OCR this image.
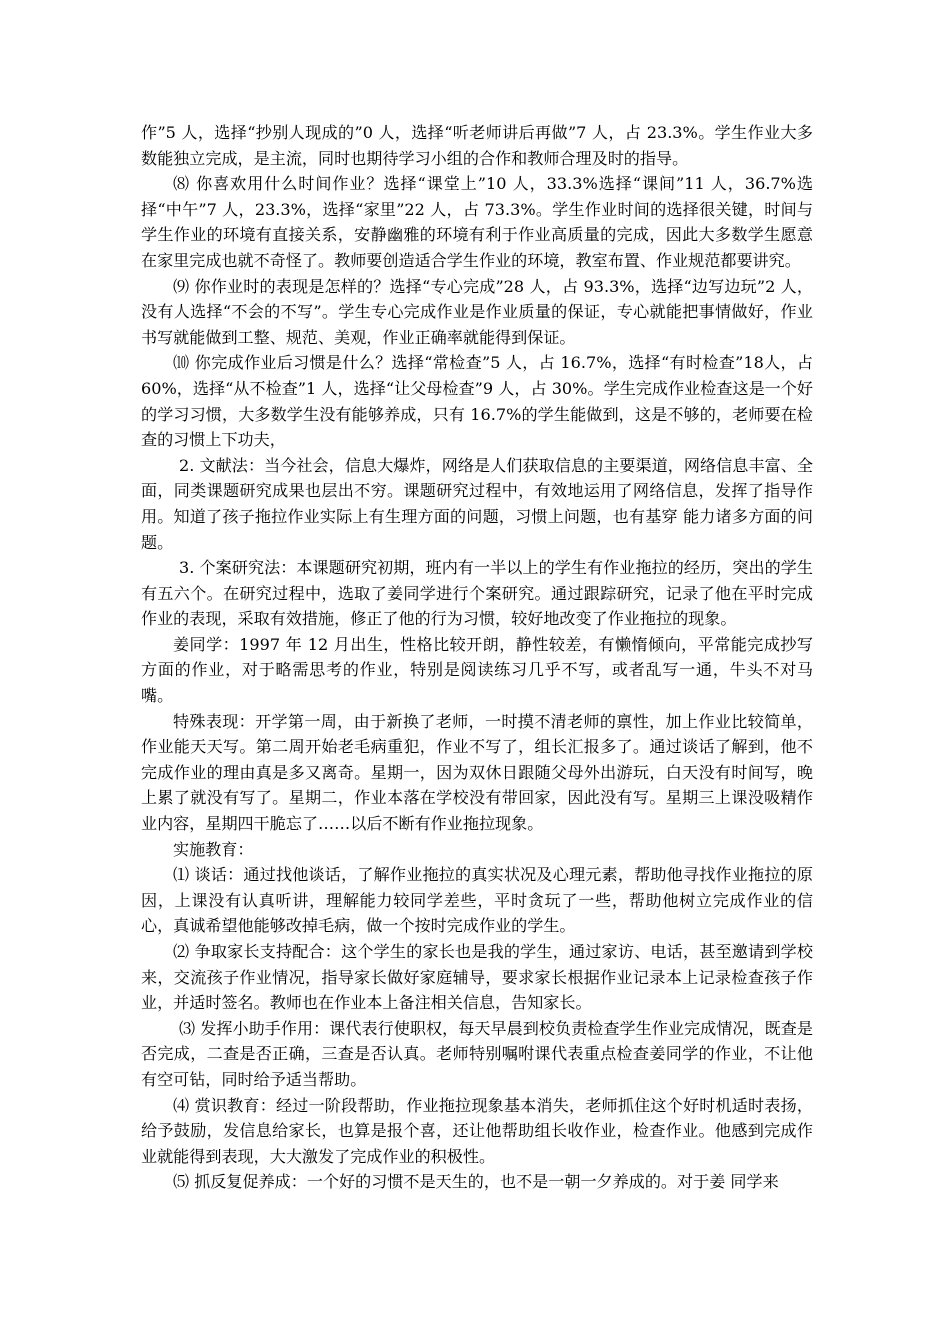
作”5 人，选择“抄别人现成的”0 人，选择“听老师讲后再做”7 人，占 23.3%。学生作业大多数能独立完成，是主流，同时也期待学习小组的合作和教师合理及时的指导。

⑻ 你喜欢用什么时间作业？选择“课堂上”10 人，33.3%选择“课间”11 人，36.7%选择“中午”7 人，23.3%，选择“家里”22 人，占 73.3%。学生作业时间的选择很关键，时间与学生作业的环境有直接关系，安静幽雅的环境有利于作业高质量的完成，因此大多数学生愿意在家里完成也就不奇怪了。教师要创造适合学生作业的环境，教室布置、作业规范都要讲究。

⑼ 你作业时的表现是怎样的？选择“专心完成”28 人，占 93.3%，选择“边写边玩”2 人，没有人选择“不会的不写”。学生专心完成作业是作业质量的保证，专心就能把事情做好，作业书写就能做到工整、规范、美观，作业正确率就能得到保证。

⑽ 你完成作业后习惯是什么？选择“常检查”5 人，占 16.7%，选择“有时检查”18人，占 60%，选择“从不检查”1 人，选择“让父母检查”9 人，占 30%。学生完成作业检查这是一个好的学习习惯，大多数学生没有能够养成，只有 16.7%的学生能做到，这是不够的，老师要在检查的习惯上下功夫，

2. 文献法：当今社会，信息大爆炸，网络是人们获取信息的主要渠道，网络信息丰富、全面，同类课题研究成果也层出不穷。课题研究过程中，有效地运用了网络信息，发挥了指导作用。知道了孩子拖拉作业实际上有生理方面的问题，习惯上问题，也有基穿 能力诸多方面的问题。

3. 个案研究法：本课题研究初期，班内有一半以上的学生有作业拖拉的经历，突出的学生有五六个。在研究过程中，选取了姜同学进行个案研究。通过跟踪研究，记录了他在平时完成作业的表现，采取有效措施，修正了他的行为习惯，较好地改变了作业拖拉的现象。

姜同学：1997 年 12 月出生，性格比较开朗，静性较差，有懒惰倾向，平常能完成抄写方面的作业，对于略需思考的作业，特别是阅读练习几乎不写，或者乱写一通，牛头不对马嘴。

特殊表现：开学第一周，由于新换了老师，一时摸不清老师的禀性，加上作业比较简单，作业能天天写。第二周开始老毛病重犯，作业不写了，组长汇报多了。通过谈话了解到，他不完成作业的理由真是多又离奇。星期一，因为双休日跟随父母外出游玩，白天没有时间写，晚上累了就没有写了。星期二，作业本落在学校没有带回家，因此没有写。星期三上课没吸精作业内容，星期四干脆忘了……以后不断有作业拖拉现象。

实施教育：

⑴ 谈话：通过找他谈话，了解作业拖拉的真实状况及心理元素，帮助他寻找作业拖拉的原因，上课没有认真听讲，理解能力较同学差些，平时贪玩了一些，帮助他树立完成作业的信心，真诚希望他能够改掉毛病，做一个按时完成作业的学生。

⑵ 争取家长支持配合：这个学生的家长也是我的学生，通过家访、电话，甚至邀请到学校来，交流孩子作业情况，指导家长做好家庭辅导，要求家长根据作业记录本上记录检查孩子作业，并适时签名。教师也在作业本上备注相关信息，告知家长。

⑶ 发挥小助手作用：课代表行使职权，每天早晨到校负责检查学生作业完成情况，既查是否完成，二查是否正确，三查是否认真。老师特别嘱咐课代表重点检查姜同学的作业，不让他有空可钻，同时给予适当帮助。

⑷ 赏识教育：经过一阶段帮助，作业拖拉现象基本消失，老师抓住这个好时机适时表扬，给予鼓励，发信息给家长，也算是报个喜，还让他帮助组长收作业，检查作业。他感到完成作业就能得到表现，大大激发了完成作业的积极性。

⑸ 抓反复促养成：一个好的习惯不是天生的，也不是一朝一夕养成的。对于姜 同学来
